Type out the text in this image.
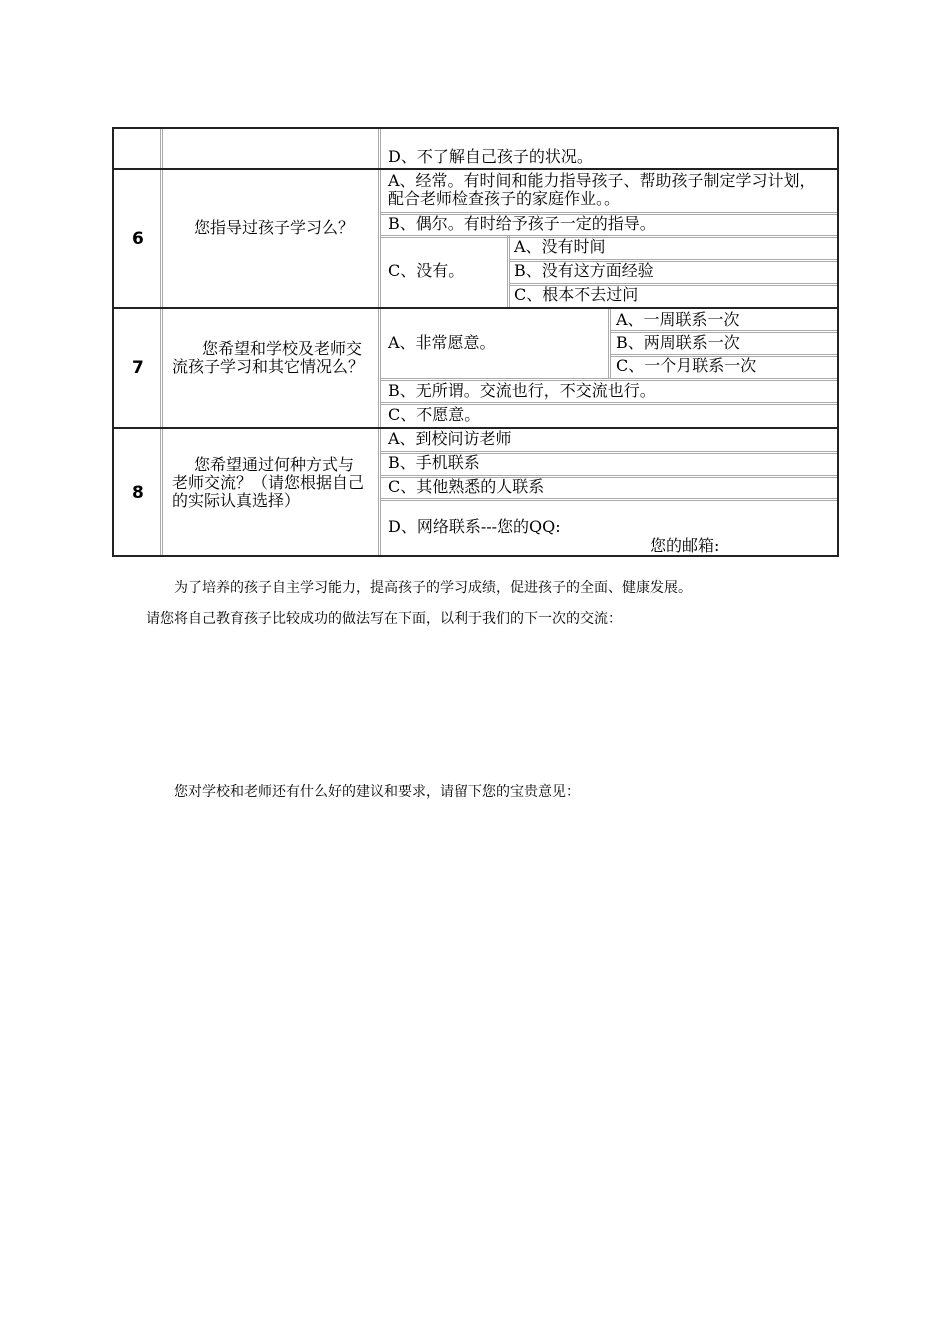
D、不了解自己孩子的状况。
6
您指导过孩子学习么？
A、经常。有时间和能力指导孩子、帮助孩子制定学习计划，配合老师检查孩子的家庭作业。。
B、偶尔。有时给予孩子一定的指导。
C、没有。
A、没有时间
B、没有这方面经验
C、根本不去过问
7
您希望和学校及老师交流孩子学习和其它情况么？
A、非常愿意。
A、一周联系一次
B、两周联系一次
C、一个月联系一次
B、无所谓。交流也行，不交流也行。
C、不愿意。
8
您希望通过何种方式与老师交流？（请您根据自己的实际认真选择）
A、到校问访老师
B、手机联系
C、其他熟悉的人联系
D、网络联系---您的QQ:
您的邮箱:
为了培养的孩子自主学习能力，提高孩子的学习成绩，促进孩子的全面、健康发展。
请您将自己教育孩子比较成功的做法写在下面，以利于我们的下一次的交流：
您对学校和老师还有什么好的建议和要求，请留下您的宝贵意见：
